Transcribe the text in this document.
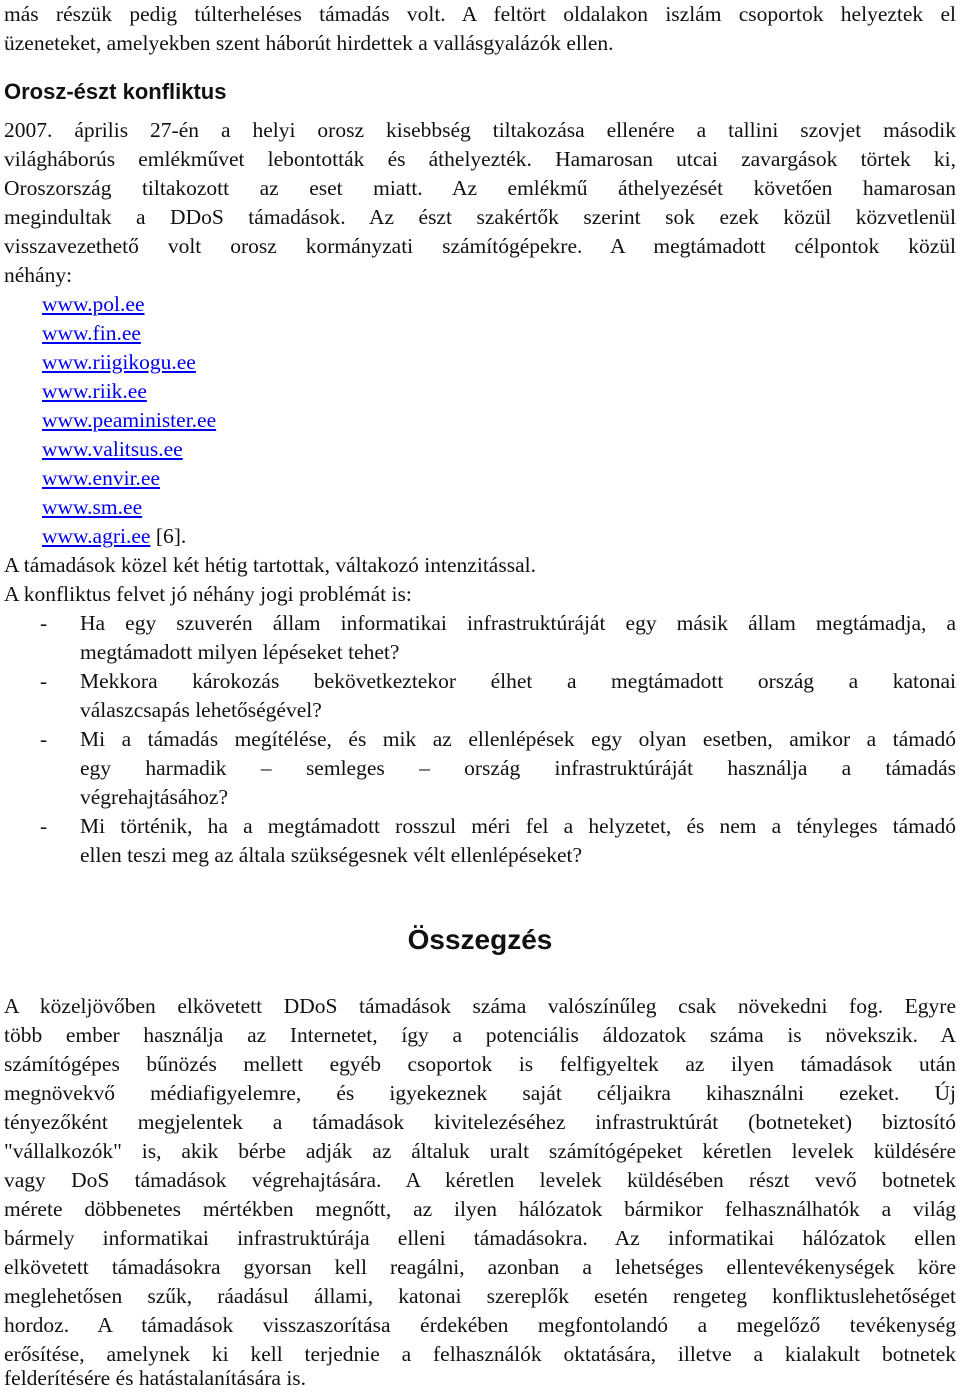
más részük pedig túlterheléses támadás volt. A feltört oldalakon iszlám csoportok helyeztek el
üzeneteket, amelyekben szent háborút hirdettek a vallásgyalázók ellen.
Orosz-észt konfliktus
2007. április 27-én a helyi orosz kisebbség tiltakozása ellenére a tallini szovjet második
világháborús emlékművet lebontották és áthelyezték. Hamarosan utcai zavargások törtek ki,
Oroszország tiltakozott az eset miatt. Az emlékmű áthelyezését követően hamarosan
megindultak a DDoS támadások. Az észt szakértők szerint sok ezek közül közvetlenül
visszavezethető volt orosz kormányzati számítógépekre. A megtámadott célpontok közül
néhány:
www.pol.ee
www.fin.ee
www.riigikogu.ee
www.riik.ee
www.peaminister.ee
www.valitsus.ee
www.envir.ee
www.sm.ee
www.agri.ee [6].
A támadások közel két hétig tartottak, váltakozó intenzitással.
A konfliktus felvet jó néhány jogi problémát is:
- Ha egy szuverén állam informatikai infrastruktúráját egy másik állam megtámadja, a
megtámadott milyen lépéseket tehet?
- Mekkora károkozás bekövetkeztekor élhet a megtámadott ország a katonai
válaszcsapás lehetőségével?
- Mi a támadás megítélése, és mik az ellenlépések egy olyan esetben, amikor a támadó
egy harmadik – semleges – ország infrastruktúráját használja a támadás
végrehajtásához?
- Mi történik, ha a megtámadott rosszul méri fel a helyzetet, és nem a tényleges támadó
ellen teszi meg az általa szükségesnek vélt ellenlépéseket?
Összegzés
A közeljövőben elkövetett DDoS támadások száma valószínűleg csak növekedni fog. Egyre
több ember használja az Internetet, így a potenciális áldozatok száma is növekszik. A
számítógépes bűnözés mellett egyéb csoportok is felfigyeltek az ilyen támadások után
megnövekvő médiafigyelemre, és igyekeznek saját céljaikra kihasználni ezeket. Új
tényezőként megjelentek a támadások kivitelezéséhez infrastruktúrát (botneteket) biztosító
"vállalkozók" is, akik bérbe adják az általuk uralt számítógépeket kéretlen levelek küldésére
vagy DoS támadások végrehajtására. A kéretlen levelek küldésében részt vevő botnetek
mérete döbbenetes mértékben megnőtt, az ilyen hálózatok bármikor felhasználhatók a világ
bármely informatikai infrastruktúrája elleni támadásokra. Az informatikai hálózatok ellen
elkövetett támadásokra gyorsan kell reagálni, azonban a lehetséges ellentevékenységek köre
meglehetősen szűk, ráadásul állami, katonai szereplők esetén rengeteg konfliktuslehetőséget
hordoz. A támadások visszaszorítása érdekében megfontolandó a megelőző tevékenység
erősítése, amelynek ki kell terjednie a felhasználók oktatására, illetve a kialakult botnetek
felderítésére és hatástalanítására is.
